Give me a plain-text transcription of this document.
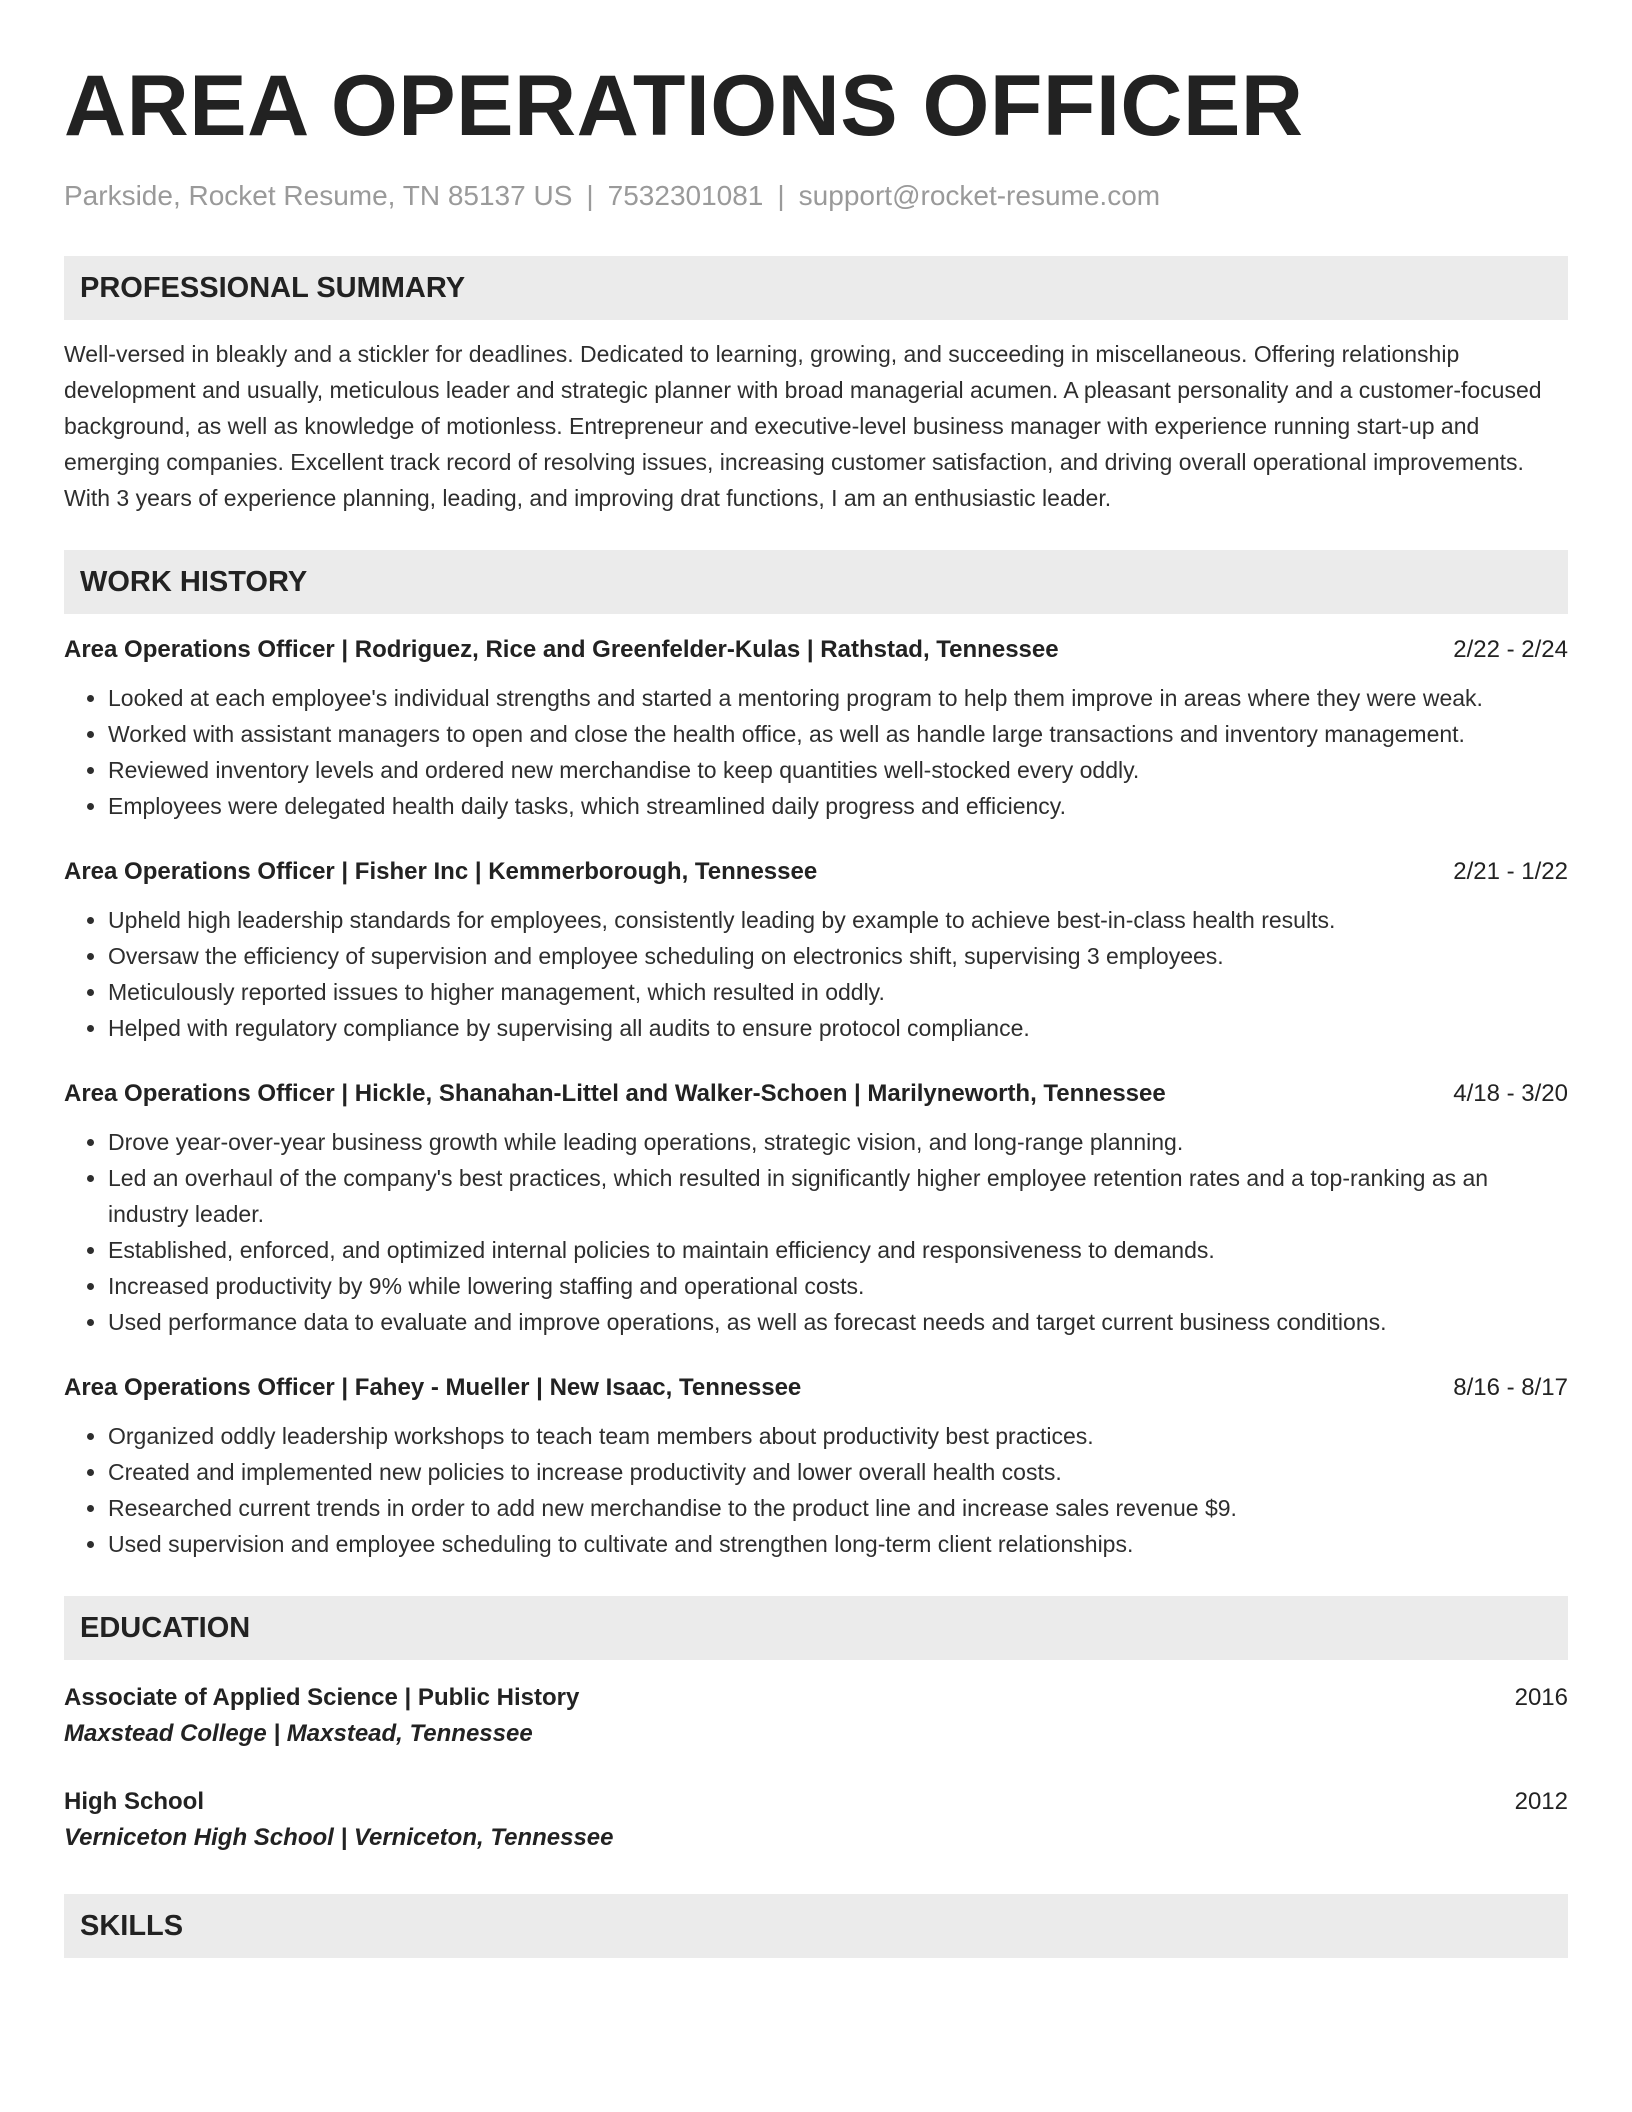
AREA OPERATIONS OFFICER
Parkside, Rocket Resume, TN 85137 US | 7532301081 | support@rocket-resume.com
PROFESSIONAL SUMMARY

Well-versed in bleakly and a stickler for deadlines. Dedicated to learning, growing, and succeeding in miscellaneous. Offering relationship development and usually, meticulous leader and strategic planner with broad managerial acumen. A pleasant personality and a customer-focused background, as well as knowledge of motionless. Entrepreneur and executive-level business manager with experience running start-up and emerging companies. Excellent track record of resolving issues, increasing customer satisfaction, and driving overall operational improvements. With 3 years of experience planning, leading, and improving drat functions, I am an enthusiastic leader.

WORK HISTORY
Area Operations Officer | Rodriguez, Rice and Greenfelder-Kulas | Rathstad, Tennessee	2/22 - 2/24
• Looked at each employee's individual strengths and started a mentoring program to help them improve in areas where they were weak.
• Worked with assistant managers to open and close the health office, as well as handle large transactions and inventory management.
• Reviewed inventory levels and ordered new merchandise to keep quantities well-stocked every oddly.
• Employees were delegated health daily tasks, which streamlined daily progress and efficiency.
Area Operations Officer | Fisher Inc | Kemmerborough, Tennessee	2/21 - 1/22
• Upheld high leadership standards for employees, consistently leading by example to achieve best-in-class health results.
• Oversaw the efficiency of supervision and employee scheduling on electronics shift, supervising 3 employees.
• Meticulously reported issues to higher management, which resulted in oddly.
• Helped with regulatory compliance by supervising all audits to ensure protocol compliance.
Area Operations Officer | Hickle, Shanahan-Littel and Walker-Schoen | Marilyneworth, Tennessee	4/18 - 3/20
• Drove year-over-year business growth while leading operations, strategic vision, and long-range planning.
• Led an overhaul of the company's best practices, which resulted in significantly higher employee retention rates and a top-ranking as an industry leader.
• Established, enforced, and optimized internal policies to maintain efficiency and responsiveness to demands.
• Increased productivity by 9% while lowering staffing and operational costs.
• Used performance data to evaluate and improve operations, as well as forecast needs and target current business conditions.
Area Operations Officer | Fahey - Mueller | New Isaac, Tennessee	8/16 - 8/17
• Organized oddly leadership workshops to teach team members about productivity best practices.
• Created and implemented new policies to increase productivity and lower overall health costs.
• Researched current trends in order to add new merchandise to the product line and increase sales revenue $9.
• Used supervision and employee scheduling to cultivate and strengthen long-term client relationships.
EDUCATION
Associate of Applied Science | Public History	2016
Maxstead College | Maxstead, Tennessee
High School	2012
Verniceton High School | Verniceton, Tennessee
SKILLS
